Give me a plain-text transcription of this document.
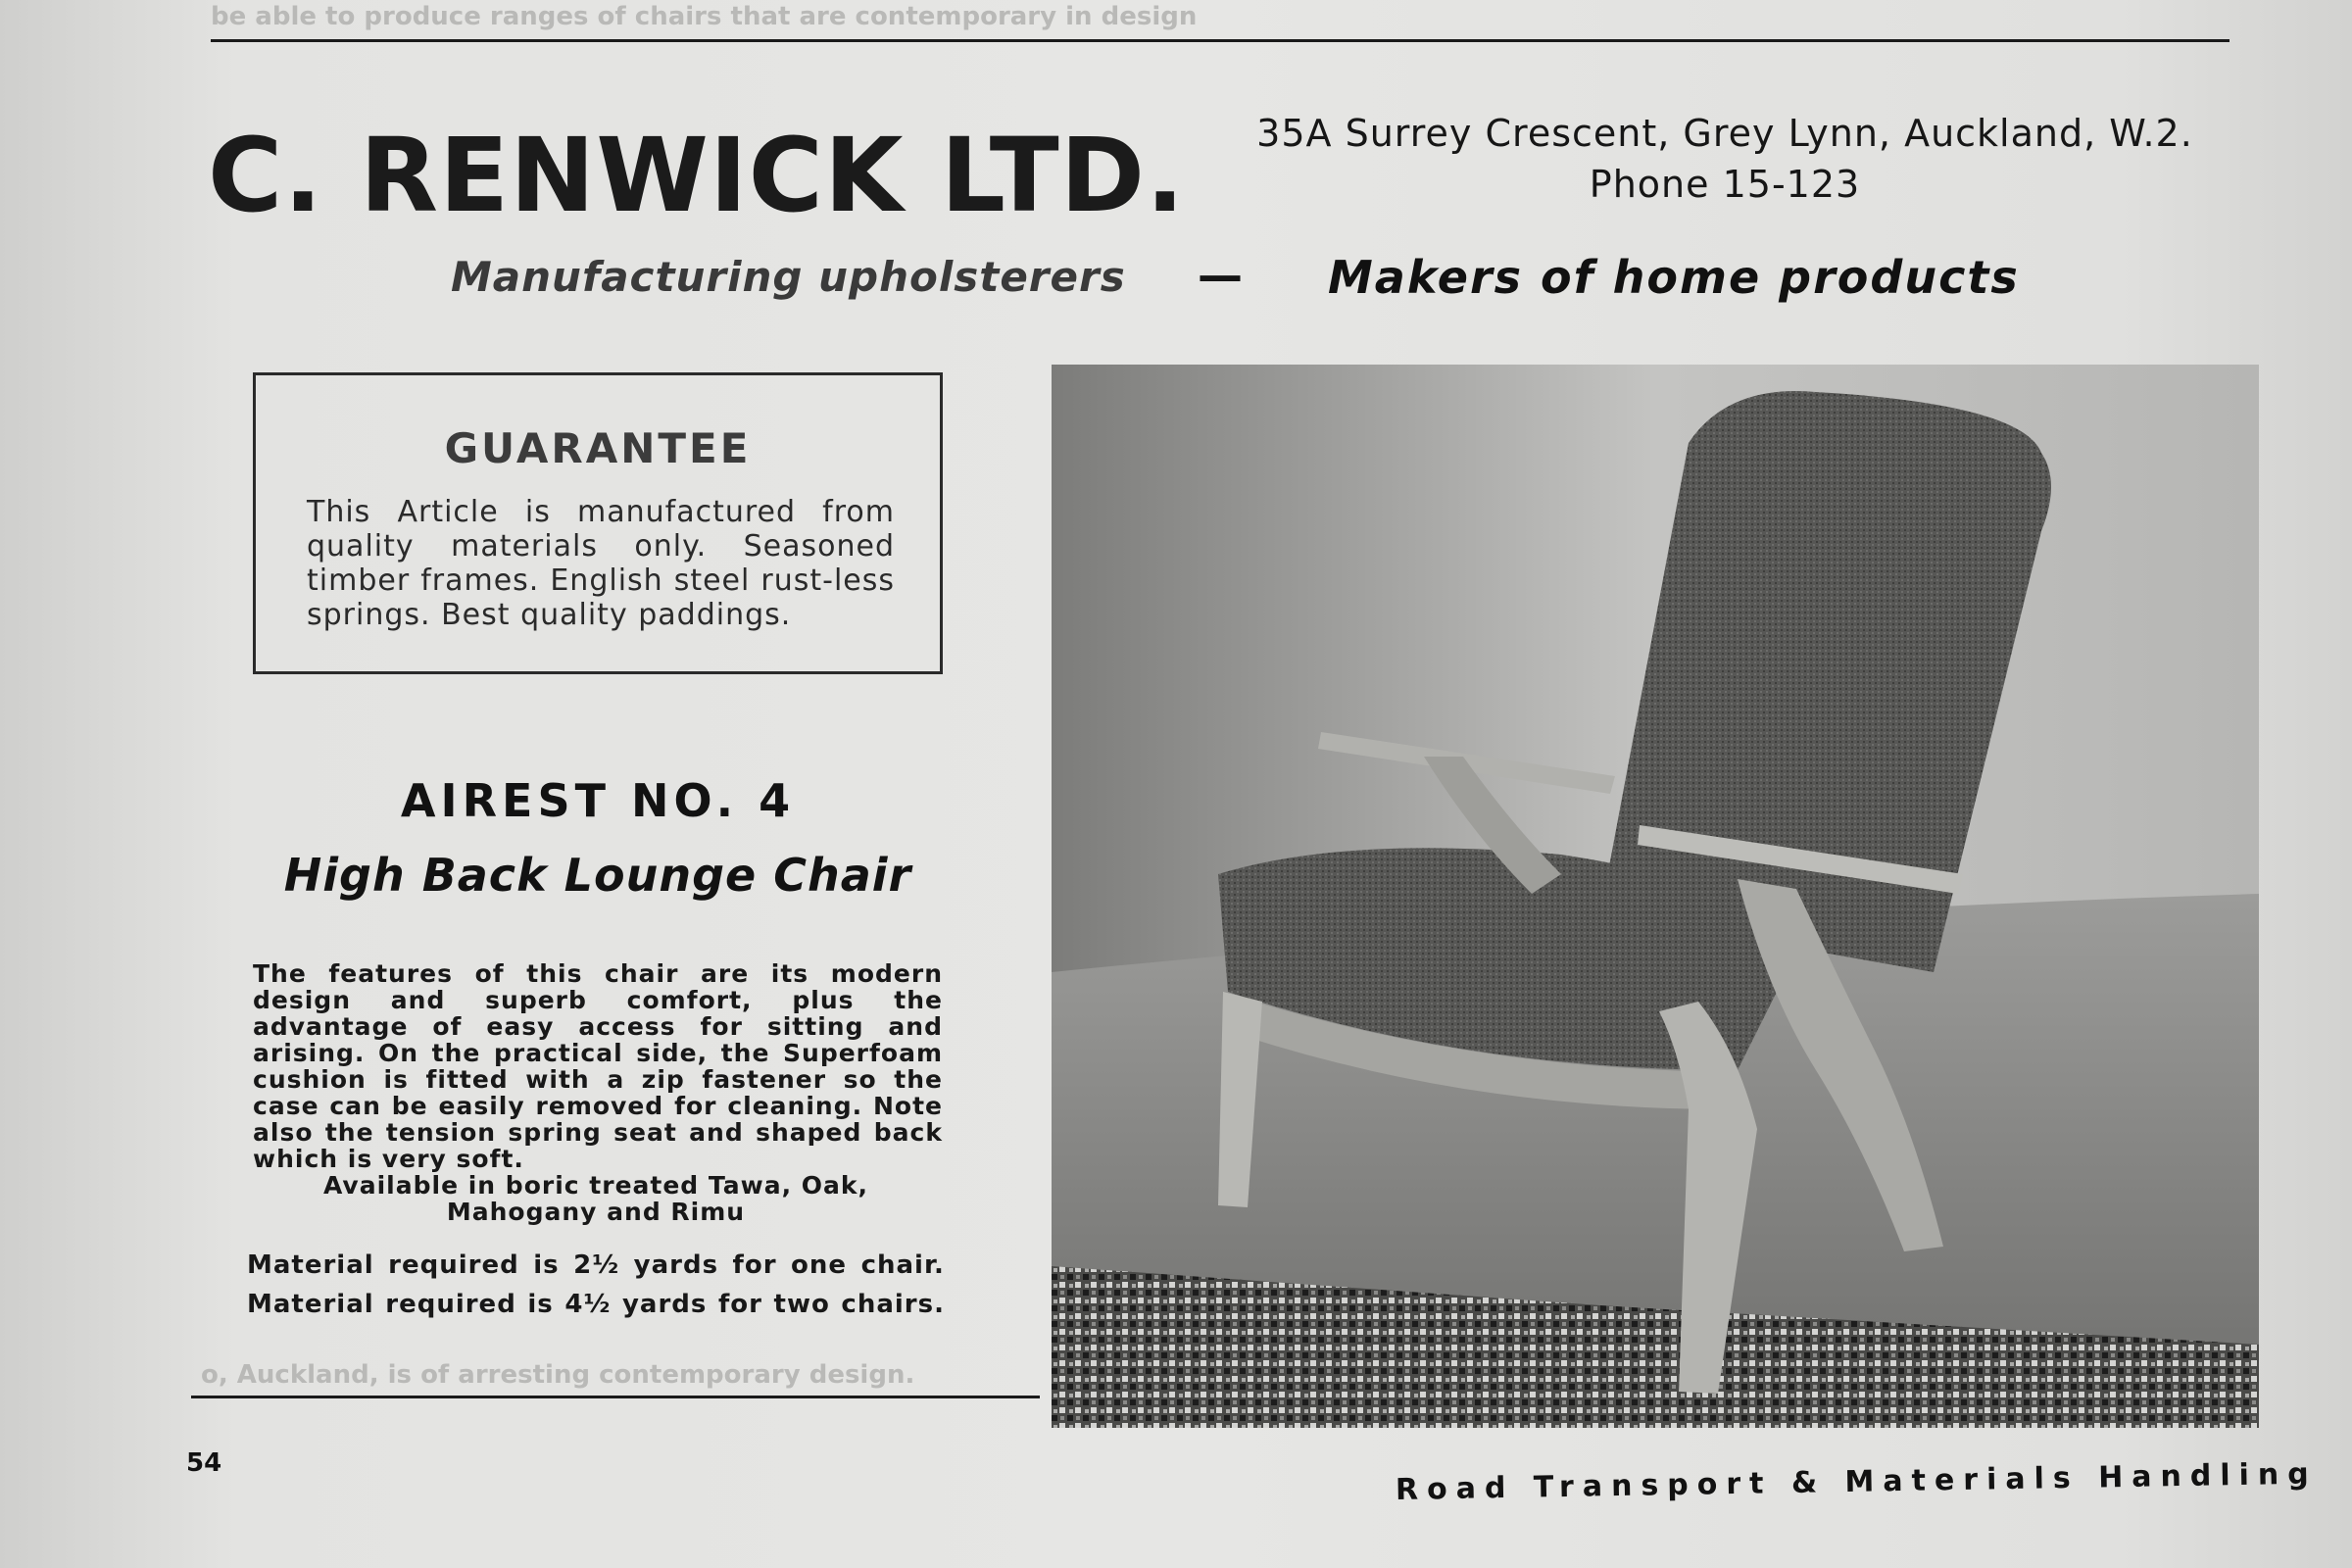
be able to produce ranges of chairs that are contemporary in design
C. RENWICK LTD.	35A Surrey Crescent, Grey Lynn, Auckland, W.2.
Phone 15-123
Manufacturing upholsterers — Makers of home products
GUARANTEE
This Article is manufactured from quality materials only. Seasoned timber frames. English steel rust-less springs. Best quality paddings.
AIREST NO. 4
High Back Lounge Chair
The features of this chair are its modern design and superb comfort, plus the advantage of easy access for sitting and arising. On the practical side, the Superfoam cushion is fitted with a zip fastener so the case can be easily removed for cleaning. Note also the tension spring seat and shaped back which is very soft.
Available in boric treated Tawa, Oak, Mahogany and Rimu
Material required is 2½ yards for one chair.
Material required is 4½ yards for two chairs.
o, Auckland, is of arresting contemporary design.
54	Road Transport & Materials Handling
